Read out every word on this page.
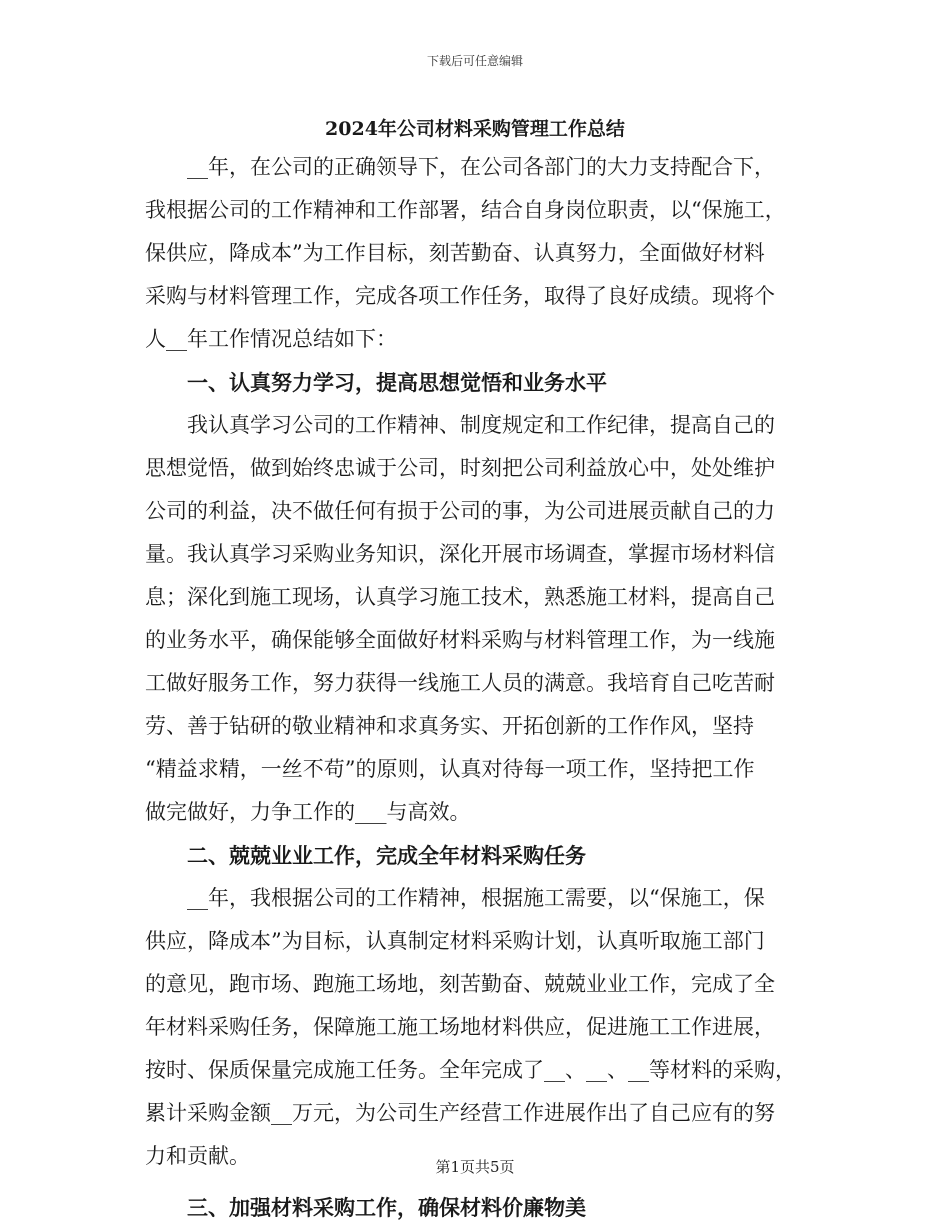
下载后可任意编辑
2024年公司材料采购管理工作总结
__年，在公司的正确领导下，在公司各部门的大力支持配合下，
我根据公司的工作精神和工作部署，结合自身岗位职责，以“保施工，
保供应，降成本”为工作目标，刻苦勤奋、认真努力，全面做好材料
采购与材料管理工作，完成各项工作任务，取得了良好成绩。现将个
人__年工作情况总结如下：
一、认真努力学习，提高思想觉悟和业务水平
我认真学习公司的工作精神、制度规定和工作纪律，提高自己的
思想觉悟，做到始终忠诚于公司，时刻把公司利益放心中，处处维护
公司的利益，决不做任何有损于公司的事，为公司进展贡献自己的力
量。我认真学习采购业务知识，深化开展市场调查，掌握市场材料信
息；深化到施工现场，认真学习施工技术，熟悉施工材料，提高自己
的业务水平，确保能够全面做好材料采购与材料管理工作，为一线施
工做好服务工作，努力获得一线施工人员的满意。我培育自己吃苦耐
劳、善于钻研的敬业精神和求真务实、开拓创新的工作作风，坚持
“精益求精，一丝不苟”的原则，认真对待每一项工作，坚持把工作
做完做好，力争工作的___与高效。
二、兢兢业业工作，完成全年材料采购任务
__年，我根据公司的工作精神，根据施工需要，以“保施工，保
供应，降成本”为目标，认真制定材料采购计划，认真听取施工部门
的意见，跑市场、跑施工场地，刻苦勤奋、兢兢业业工作，完成了全
年材料采购任务，保障施工施工场地材料供应，促进施工工作进展，
按时、保质保量完成施工任务。全年完成了__、__、__等材料的采购，
累计采购金额__万元，为公司生产经营工作进展作出了自己应有的努
力和贡献。
三、加强材料采购工作，确保材料价廉物美
第1页共5页
